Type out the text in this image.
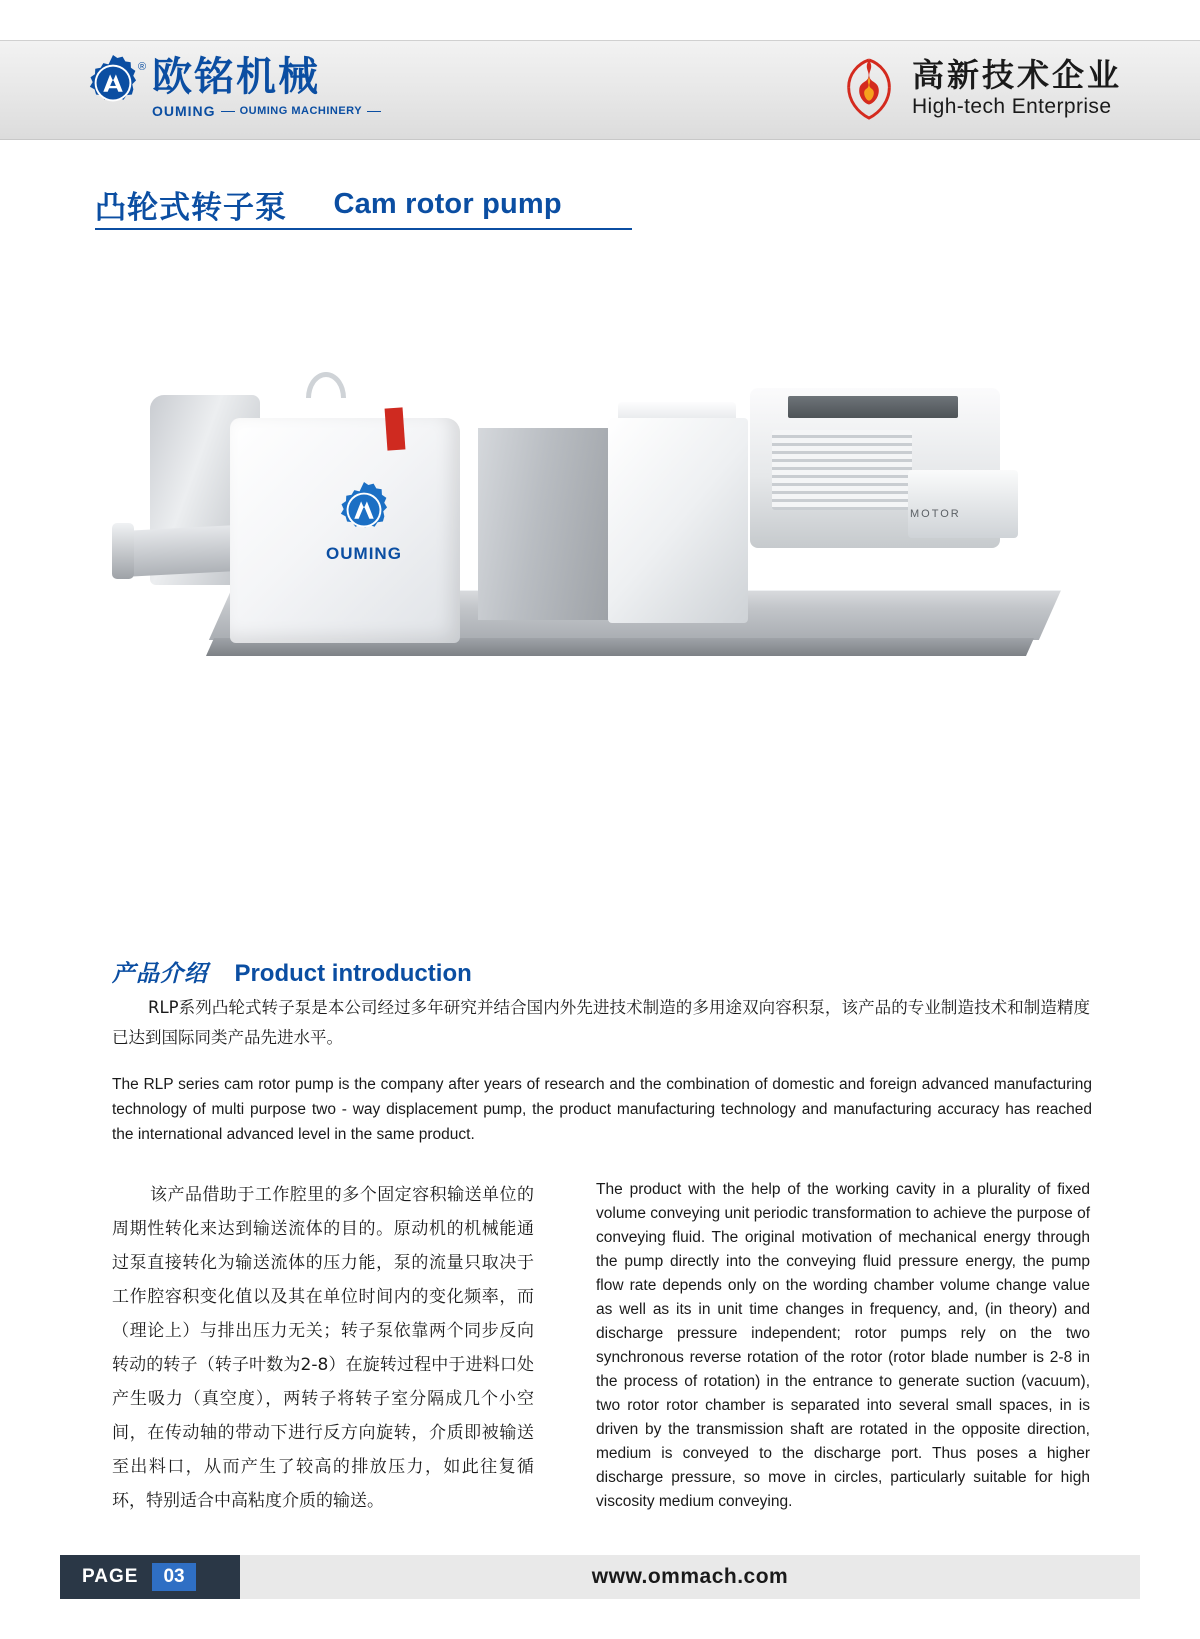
® 欧铭机械
OUMING OUMING MACHINERY
高新技术企业
High-tech Enterprise
凸轮式转子泵 Cam rotor pump
OUMING
MOTOR
产品介绍 Product introduction
RLP系列凸轮式转子泵是本公司经过多年研究并结合国内外先进技术制造的多用途双向容积泵，该产品的专业制造技术和制造精度已达到国际同类产品先进水平。
The RLP series cam rotor pump is the company after years of research and the combination of domestic and foreign advanced manufacturing technology of multi purpose two - way displacement pump, the product manufacturing technology and manufacturing accuracy has reached the international advanced level in the same product.
该产品借助于工作腔里的多个固定容积输送单位的周期性转化来达到输送流体的目的。原动机的机械能通过泵直接转化为输送流体的压力能，泵的流量只取决于工作腔容积变化值以及其在单位时间内的变化频率，而（理论上）与排出压力无关；转子泵依靠两个同步反向转动的转子（转子叶数为2-8）在旋转过程中于进料口处产生吸力（真空度），两转子将转子室分隔成几个小空间，在传动轴的带动下进行反方向旋转，介质即被输送至出料口，从而产生了较高的排放压力，如此往复循环，特别适合中高粘度介质的输送。
The product with the help of the working cavity in a plurality of fixed volume conveying unit periodic transformation to achieve the purpose of conveying fluid. The original motivation of mechanical energy through the pump directly into the conveying fluid pressure energy, the pump flow rate depends only on the wording chamber volume change value as well as its in unit time changes in frequency, and, (in theory) and discharge pressure independent; rotor pumps rely on the two synchronous reverse rotation of the rotor (rotor blade number is 2-8 in the process of rotation) in the entrance to generate suction (vacuum), two rotor rotor chamber is separated into several small spaces, in is driven by the transmission shaft are rotated in the opposite direction, medium is conveyed to the discharge port. Thus poses a higher discharge pressure, so move in circles, particularly suitable for high viscosity medium conveying.
PAGE	03	www.ommach.com
